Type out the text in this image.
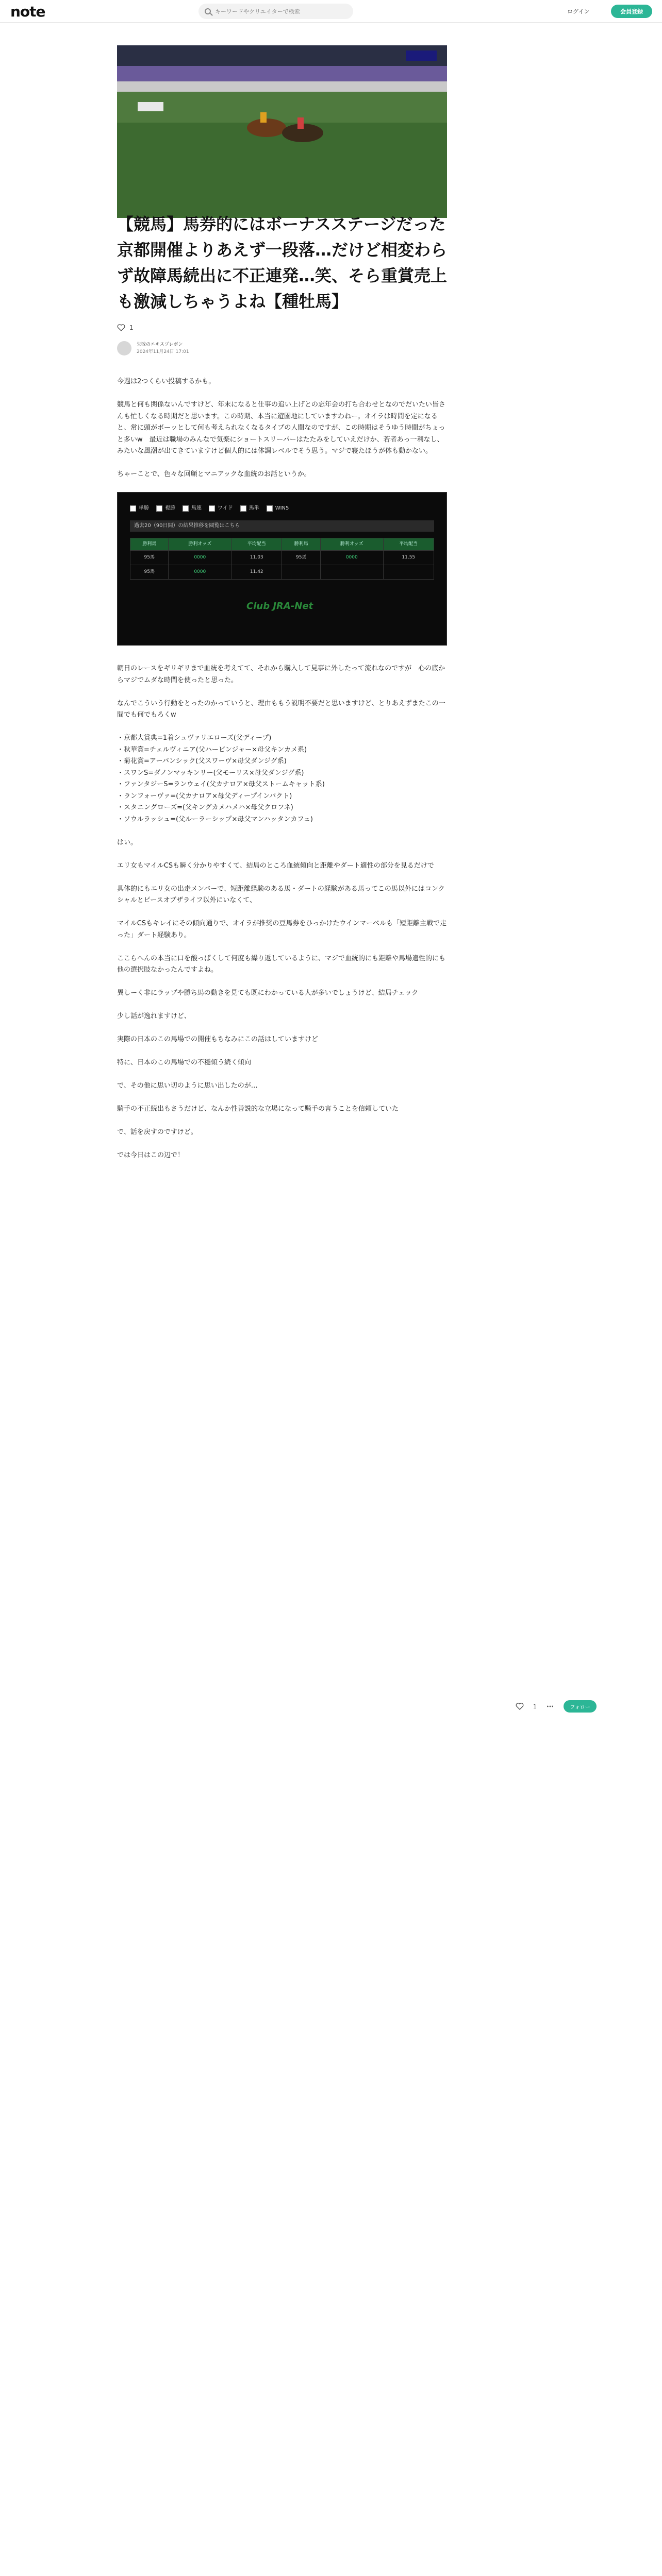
note
キーワードやクリエイターで検索	ログイン	会員登録
【競馬】馬券的にはボーナスステージだった京都開催よりあえず一段落…だけど相変わらず故障馬続出に不正連発…笑、そら重賞売上も激減しちゃうよね【種牡馬】
1
失敗のエキスプレボン
2024年11月24日 17:01

今週は2つくらい投稿するかも。

競馬と何も関係ないんですけど、年末になると仕事の追い上げとの忘年会の打ち合わせとなのでだいたい皆さんも忙しくなる時期だと思います。この時期、本当に遊園地にしていますわねー。オイラは時間を定になると、常に頭がボーッとして何も考えられなくなるタイプの人間なのですが、この時期はそうゆう時間がちょっと多いw　最近は職場のみんなで気楽にショートスリーパーはたたみをしていえだけか、若者あっ一利なし、みたいな風潮が出てきていますけど個人的には体調レベルでそう思う。マジで寝たほうが体も動かない。

ちゃーことで、色々な回顧とマニアックな血統のお話というか。

単勝	複勝	馬連	ワイド	馬単	WIN5
過去20（90日間）の結果推移を閲覧はこちら
勝利馬	勝利オッズ	平均配当	勝利馬	勝利オッズ	平均配当
95馬	0000	11.03	95馬	0000	11.55
95馬	0000	11.42			
Club JRA-Net

朝日のレースをギリギリまで血統を考えてて、それから購入して見事に外したって流れなのですが　心の底からマジでムダな時間を使ったと思った。

なんでこういう行動をとったのかっていうと、理由ももう説明不要だと思いますけど、とりあえずまたこの一間でも何でもろくw

・京都大賞典=1着シュヴァリエローズ(父ディープ)
・秋華賞=チェルヴィニア(父ハービンジャー×母父キンカメ系)
・菊花賞=アーバンシック(父スワーヴ×母父ダンジグ系)
・スワンS=ダノンマッキンリー(父モーリス×母父ダンジグ系)
・ファンタジーS=ランウェイ(父カナロア×母父ストームキャット系)
・ランフォーヴァ=(父カナロア×母父ディープインパクト)
・スタニングローズ=(父キングカメハメハ×母父クロフネ)
・ソウルラッシュ=(父ルーラーシップ×母父マンハッタンカフェ)

はい。

エリ女もマイルCSも瞬く分かりやすくて、結局のところ血統傾向と距離やダート適性の部分を見るだけで

具体的にもエリ女の出走メンバーで、短距離経験のある馬・ダートの経験がある馬ってこの馬以外にはコンクシャルとピースオブザライフ以外にいなくて、

マイルCSもキレイにその傾向通りで、オイラが推奨の豆馬券をひっかけたウインマーベルも「短距離主戦で走った」ダート経験あり。

ここらへんの本当に口を酸っぱくして何度も繰り返しているように、マジで血統的にも距離や馬場適性的にも他の選択肢なかったんですよね。

異しーく非にラップや勝ち馬の動きを見ても既にわかっている人が多いでしょうけど、結局チェック

少し話が逸れますけど、

実際の日本のこの馬場での開催もちなみにこの話はしていますけど

特に、日本のこの馬場での不穏傾う続く傾向

で、その他に思い切のように思い出したのが…

騎手の不正続出もさうだけど、なんか性善説的な立場になって騎手の言うことを信頼していた

で、話を戻すのですけど。

では今日はこの辺で！

1	フォロー
